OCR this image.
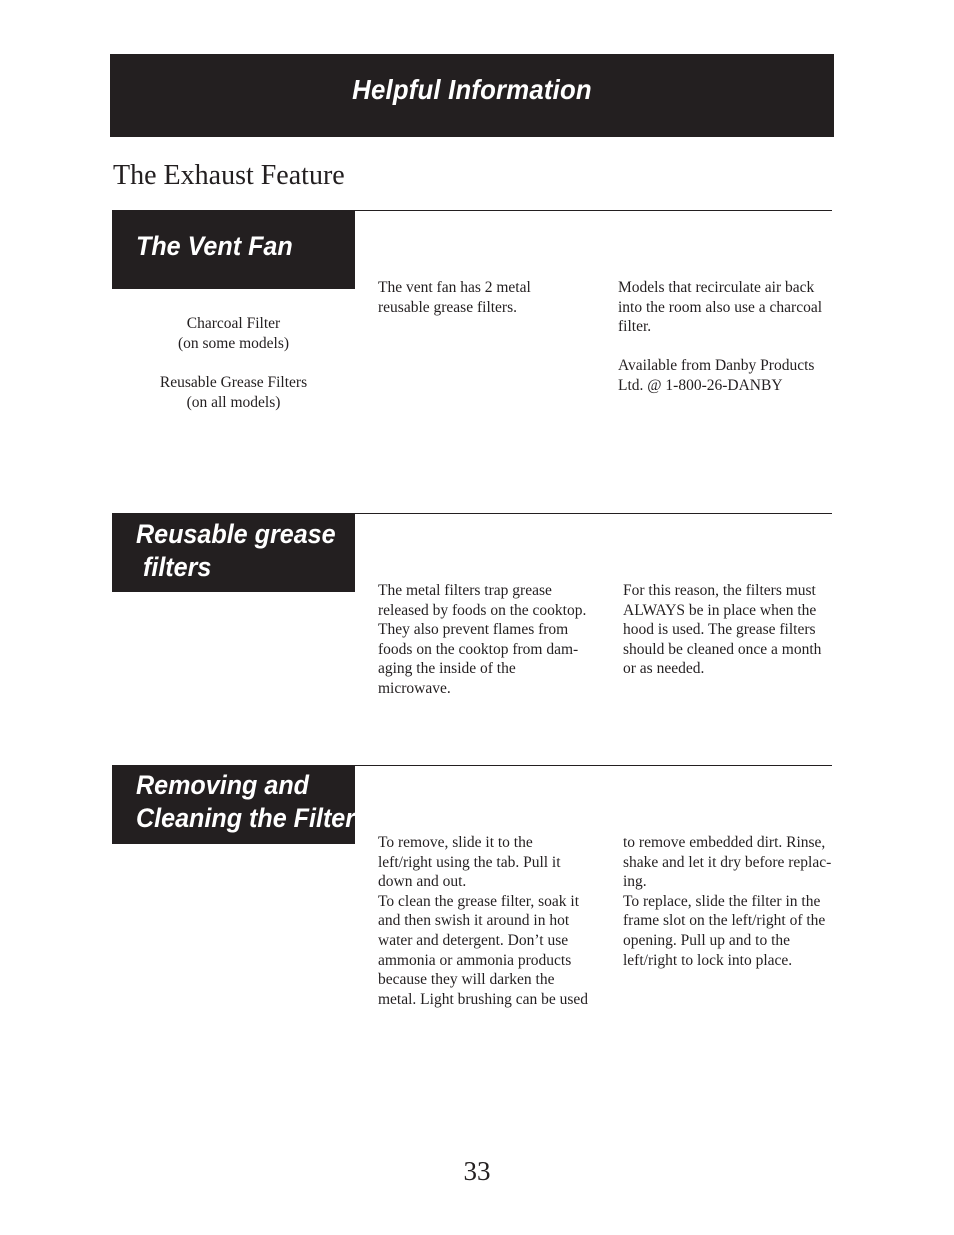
Helpful Information
The Exhaust Feature
The Vent Fan
Charcoal Filter
(on some models)
Reusable Grease Filters
(on all models)
The vent fan has 2 metal
reusable grease filters.
Models that recirculate air back
into the room also use a charcoal
filter.

Available from Danby Products
Ltd. @ 1-800-26-DANBY
Reusable grease
filters
The metal filters trap grease
released by foods on the cooktop.
They also prevent flames from
foods on the cooktop from dam-
aging the inside of the
microwave.
For this reason, the filters must
ALWAYS be in place when the
hood is used. The grease filters
should be cleaned once a month
or as needed.
Removing and
Cleaning the Filter
To remove, slide it to the
left/right using the tab. Pull it
down and out.
To clean the grease filter, soak it
and then swish it around in hot
water and detergent. Don’t use
ammonia or ammonia products
because they will darken the
metal. Light brushing can be used
to remove embedded dirt. Rinse,
shake and let it dry before replac-
ing.
To replace, slide the filter in the
frame slot on the left/right of the
opening. Pull up and to the
left/right to lock into place.
33
